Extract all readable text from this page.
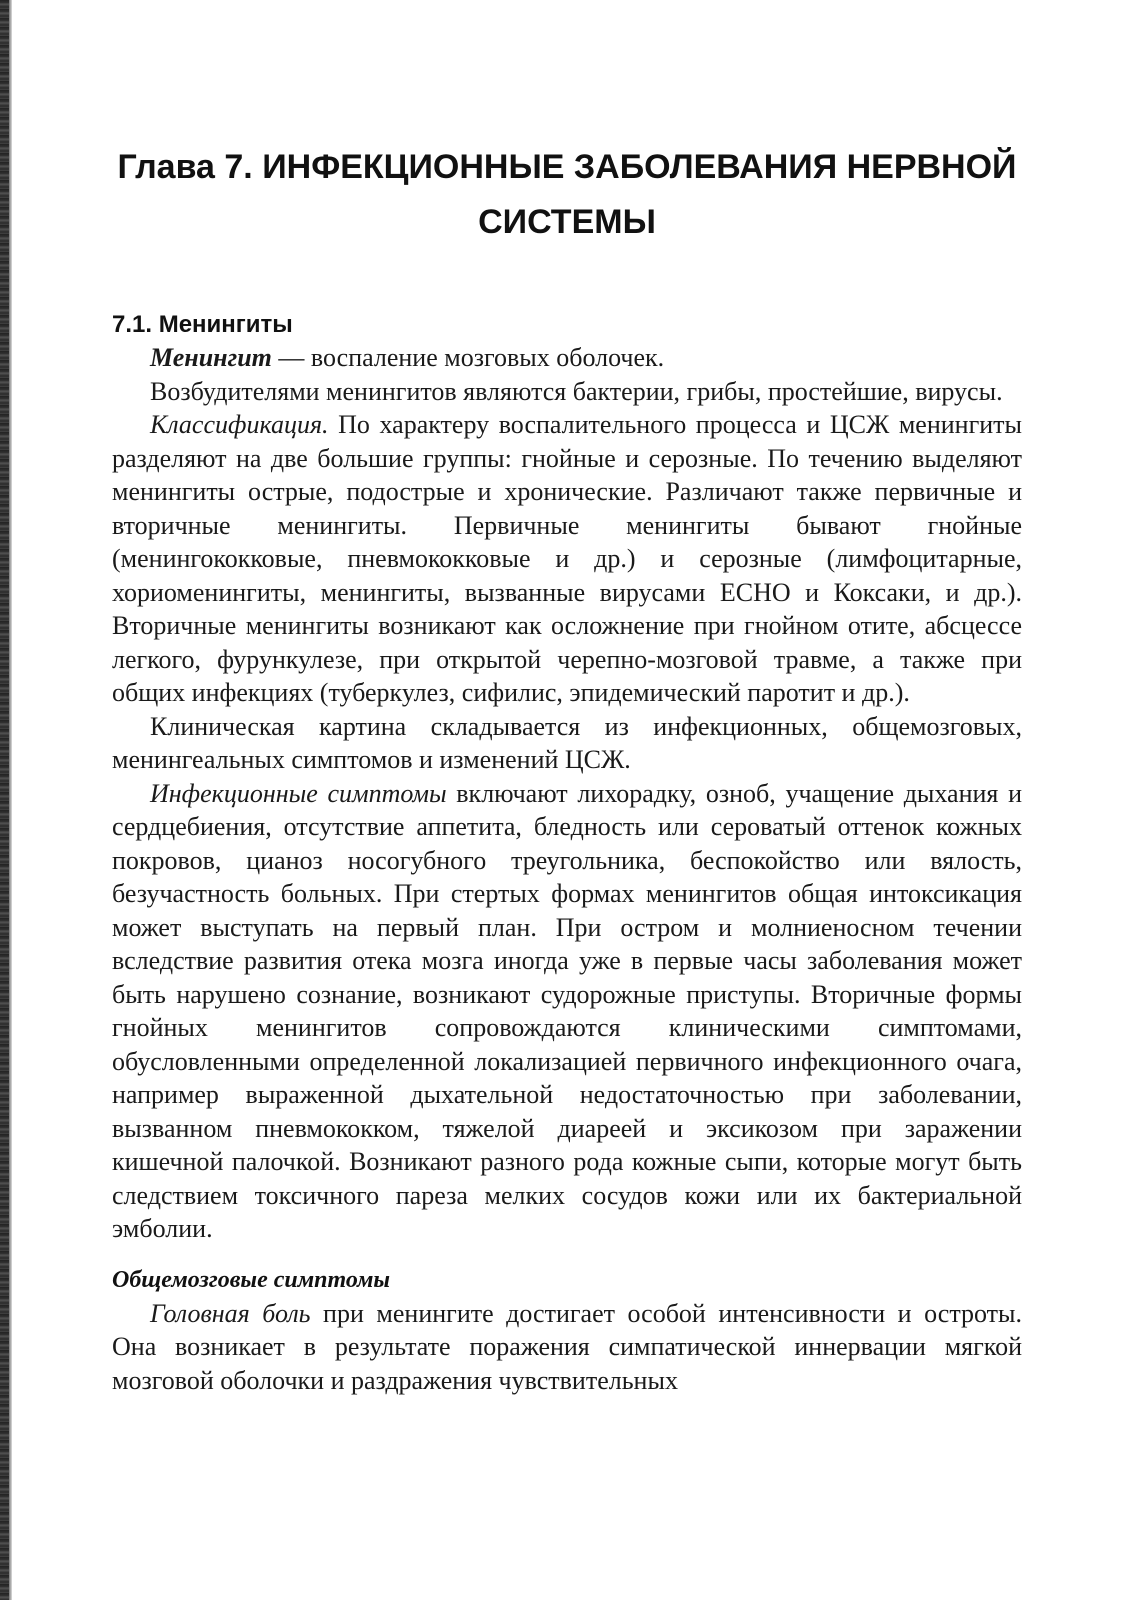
Глава 7. ИНФЕКЦИОННЫЕ ЗАБОЛЕВАНИЯ НЕРВНОЙ СИСТЕМЫ
7.1. Менингиты

Менингит — воспаление мозговых оболочек.

Возбудителями менингитов являются бактерии, грибы, простейшие, вирусы.

Классификация. По характеру воспалительного процесса и ЦСЖ менингиты разделяют на две большие группы: гнойные и серозные. По течению выделяют менингиты острые, подострые и хронические. Различают также первичные и вторичные менингиты. Первичные менингиты бывают гнойные (менингококковые, пневмококковые и др.) и серозные (лимфоцитарные, хориоменингиты, менингиты, вызванные вирусами ЕСНО и Коксаки, и др.). Вторичные менингиты возникают как осложнение при гнойном отите, абсцессе легкого, фурункулезе, при открытой черепно-мозговой травме, а также при общих инфекциях (туберкулез, сифилис, эпидемический паротит и др.).

Клиническая картина складывается из инфекционных, общемозговых, менингеальных симптомов и изменений ЦСЖ.

Инфекционные симптомы включают лихорадку, озноб, учащение дыхания и сердцебиения, отсутствие аппетита, бледность или сероватый оттенок кожных покровов, цианоз носогубного треугольника, беспокойство или вялость, безучастность больных. При стертых формах менингитов общая интоксикация может выступать на первый план. При остром и молниеносном течении вследствие развития отека мозга иногда уже в первые часы заболевания может быть нарушено сознание, возникают судорожные приступы. Вторичные формы гнойных менингитов сопровождаются клиническими симптомами, обусловленными определенной локализацией первичного инфекционного очага, например выраженной дыхательной недостаточностью при заболевании, вызванном пневмококком, тяжелой диареей и эксикозом при заражении кишечной палочкой. Возникают разного рода кожные сыпи, которые могут быть следствием токсичного пареза мелких сосудов кожи или их бактериальной эмболии.

Общемозговые симптомы

Головная боль при менингите достигает особой интенсивности и остроты. Она возникает в результате поражения симпатической иннервации мягкой мозговой оболочки и раздражения чувствительных
